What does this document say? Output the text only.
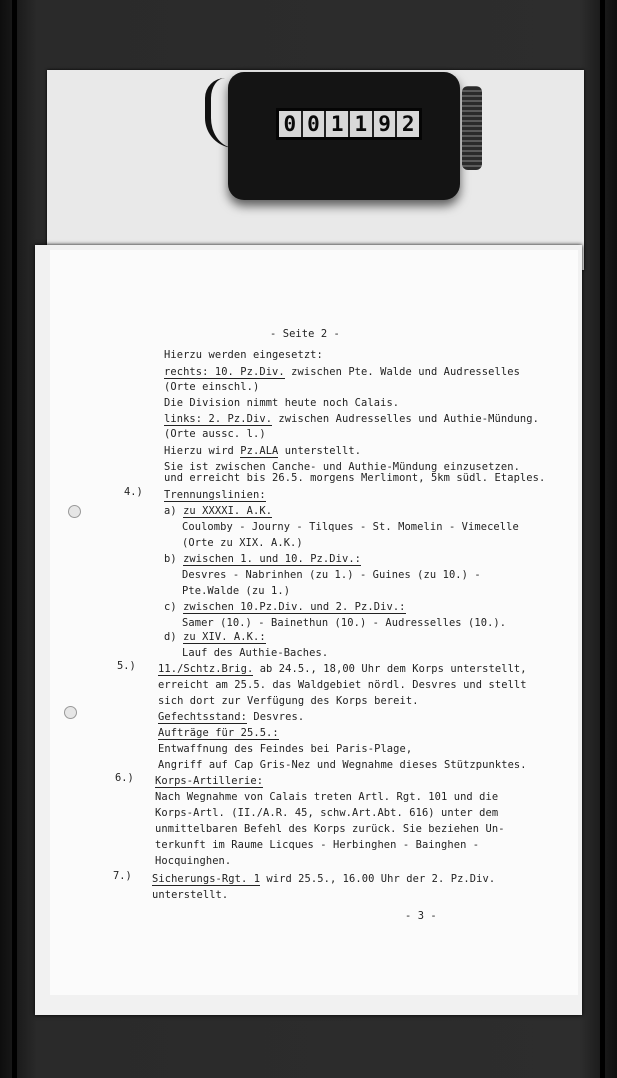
0 0 1 1 9 2
- Seite 2 -
Hierzu werden eingesetzt:
rechts: 10. Pz.Div. zwischen Pte. Walde und Audresselles
(Orte einschl.)
Die Division nimmt heute noch Calais.
links: 2. Pz.Div. zwischen Audresselles und Authie-Mündung.
(Orte aussc. l.)
Hierzu wird Pz.ALA unterstellt.
Sie ist zwischen Canche- und Authie-Mündung einzusetzen.
und erreicht bis 26.5. morgens Merlimont, 5km südl. Etaples.
Trennungslinien:
a) zu XXXXI. A.K.
Coulomby - Journy - Tilques - St. Momelin - Vimecelle
(Orte zu XIX. A.K.)
b) zwischen 1. und 10. Pz.Div.:
Desvres - Nabrinhen (zu 1.) - Guines (zu 10.) -
Pte.Walde (zu 1.)
c) zwischen 10.Pz.Div. und 2. Pz.Div.:
Samer (10.) - Bainethun (10.) - Audresselles (10.).
d) zu XIV. A.K.:
Lauf des Authie-Baches.
11./Schtz.Brig. ab 24.5., 18,00 Uhr dem Korps unterstellt,
erreicht am 25.5. das Waldgebiet nördl. Desvres und stellt
sich dort zur Verfügung des Korps bereit.
Gefechtsstand: Desvres.
Aufträge für 25.5.:
Entwaffnung des Feindes bei Paris-Plage,
Angriff auf Cap Gris-Nez und Wegnahme dieses Stützpunktes.
Korps-Artillerie:
Nach Wegnahme von Calais treten Artl. Rgt. 101 und die
Korps-Artl. (II./A.R. 45, schw.Art.Abt. 616) unter dem
unmittelbaren Befehl des Korps zurück. Sie beziehen Un-
terkunft im Raume Licques - Herbinghen - Bainghen -
Hocquinghen.
Sicherungs-Rgt. 1 wird 25.5., 16.00 Uhr der 2. Pz.Div.
unterstellt.
4.)
5.)
6.)
7.)
- 3 -
